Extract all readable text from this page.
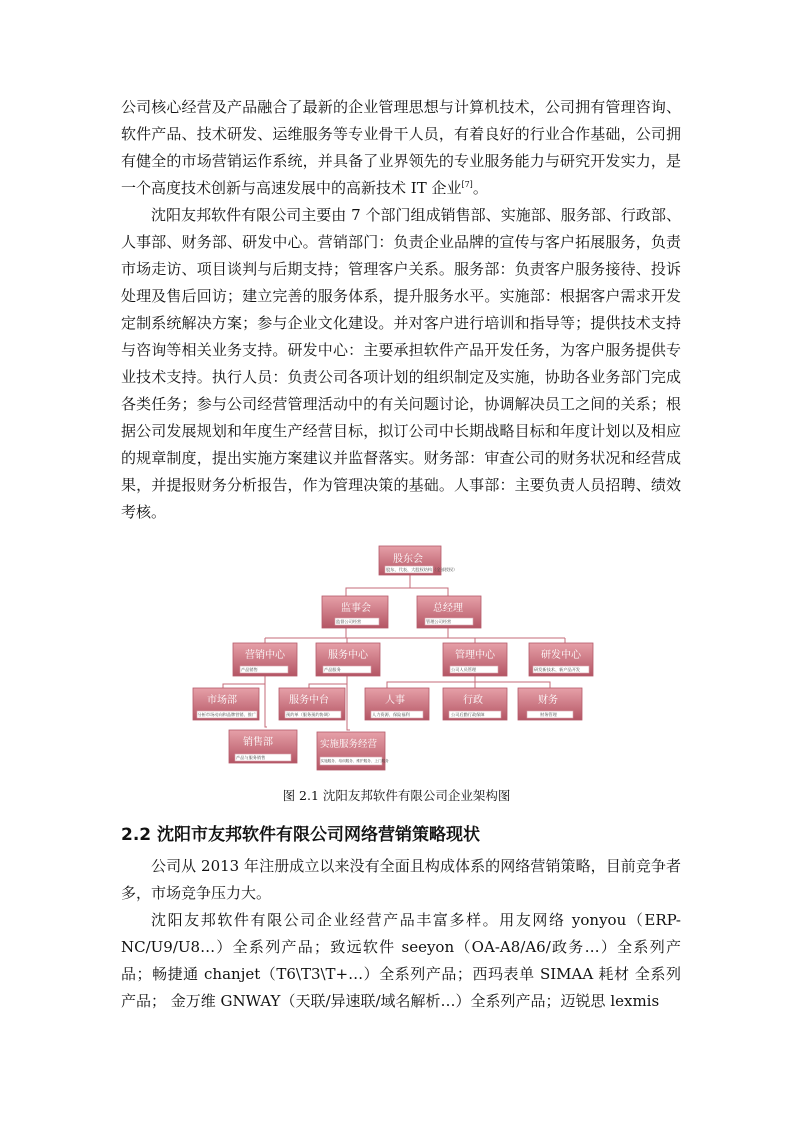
公司核心经营及产品融合了最新的企业管理思想与计算机技术，公司拥有管理咨询、软件产品、技术研发、运维服务等专业骨干人员，有着良好的行业合作基础，公司拥有健全的市场营销运作系统，并具备了业界领先的专业服务能力与研究开发实力，是一个高度技术创新与高速发展中的高新技术 IT 企业[7]。

沈阳友邦软件有限公司主要由 7 个部门组成销售部、实施部、服务部、行政部、人事部、财务部、研发中心。营销部门：负责企业品牌的宣传与客户拓展服务，负责市场走访、项目谈判与后期支持；管理客户关系。服务部：负责客户服务接待、投诉处理及售后回访；建立完善的服务体系，提升服务水平。实施部：根据客户需求开发定制系统解决方案；参与企业文化建设。并对客户进行培训和指导等；提供技术支持与咨询等相关业务支持。研发中心：主要承担软件产品开发任务，为客户服务提供专业技术支持。执行人员：负责公司各项计划的组织制定及实施，协助各业务部门完成各类任务；参与公司经营管理活动中的有关问题讨论，协调解决员工之间的关系；根据公司发展规划和年度生产经营目标，拟订公司中长期战略目标和年度计划以及相应的规章制度，提出实施方案建议并监督落实。财务部：审查公司的财务状况和经营成果，并提报财务分析报告，作为管理决策的基础。人事部：主要负责人员招聘、绩效考核。

股东会
股东、代表、大股权结构（全部授权）
监事会
监督公司经营
总经理
管理公司经营
营销中心
产品销售
服务中心
产品服务
管理中心
公司人员管理
研发中心
研发新技术、新产品开发
市场部
分析市场动向和品牌营销、推广
服务中台
预约单（服务预约协调）
人事
人力资源、保险福利
行政
公司后勤行政保障
财务
财务管理
销售部
产品与服务销售
实施服务经营
实施服务、培训服务、维护服务、上门服务
图 2.1 沈阳友邦软件有限公司企业架构图
2.2 沈阳市友邦软件有限公司网络营销策略现状

公司从 2013 年注册成立以来没有全面且构成体系的网络营销策略，目前竞争者多，市场竞争压力大。

沈阳友邦软件有限公司企业经营产品丰富多样。用友网络 yonyou（ERP-NC/U9/U8…）全系列产品；致远软件 seeyon（OA-A8/A6/政务…）全系列产品；畅捷通 chanjet（T6\T3\T+…）全系列产品；西玛表单 SIMAA 耗材 全系列产品； 金万维 GNWAY（天联/异速联/域名解析…）全系列产品；迈锐思 lexmis
